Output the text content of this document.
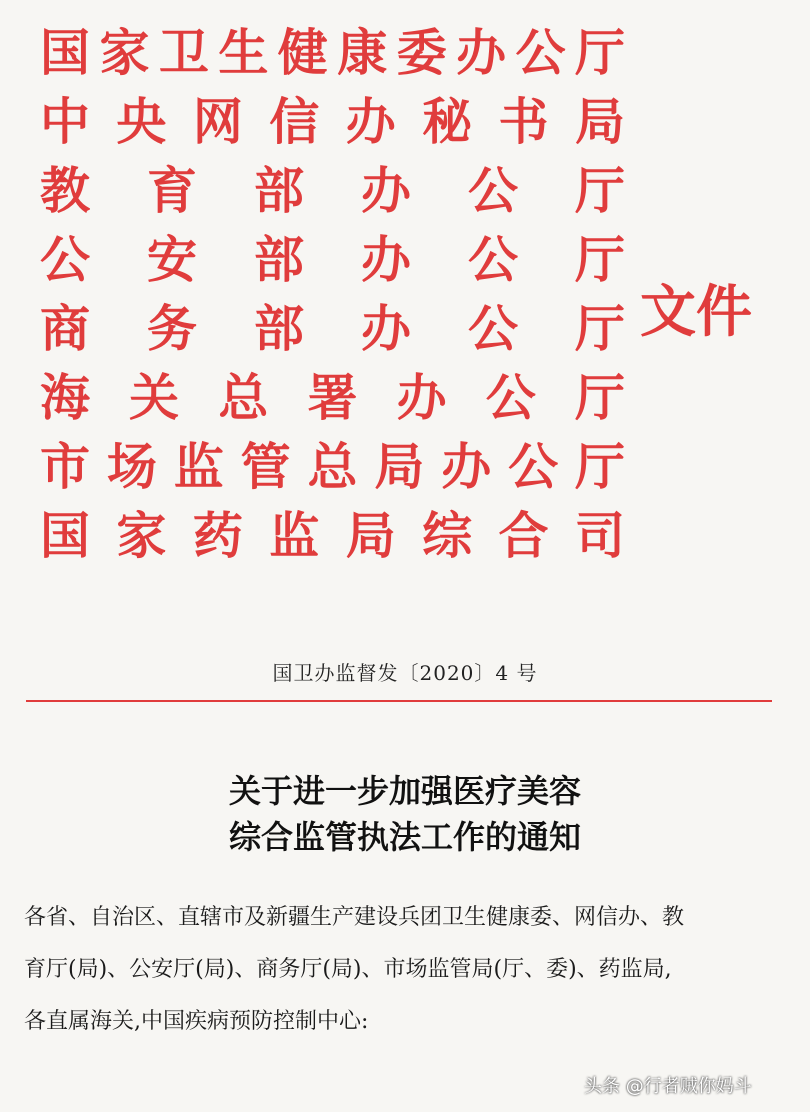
国 家 卫 生 健 康 委 办 公 厅
中 央 网 信 办 秘 书 局
教 育 部 办 公 厅
公 安 部 办 公 厅
商 务 部 办 公 厅
海 关 总 署 办 公 厅
市 场 监 管 总 局 办 公 厅
国 家 药 监 局 综 合 司
文件
国卫办监督发〔2020〕4 号
关于进一步加强医疗美容
综合监管执法工作的通知
各省、自治区、直辖市及新疆生产建设兵团卫生健康委、网信办、教
育厅(局)、公安厅(局)、商务厅(局)、市场监管局(厅、委)、药监局,
各直属海关,中国疾病预防控制中心:
头条 @行者贼你妈斗
